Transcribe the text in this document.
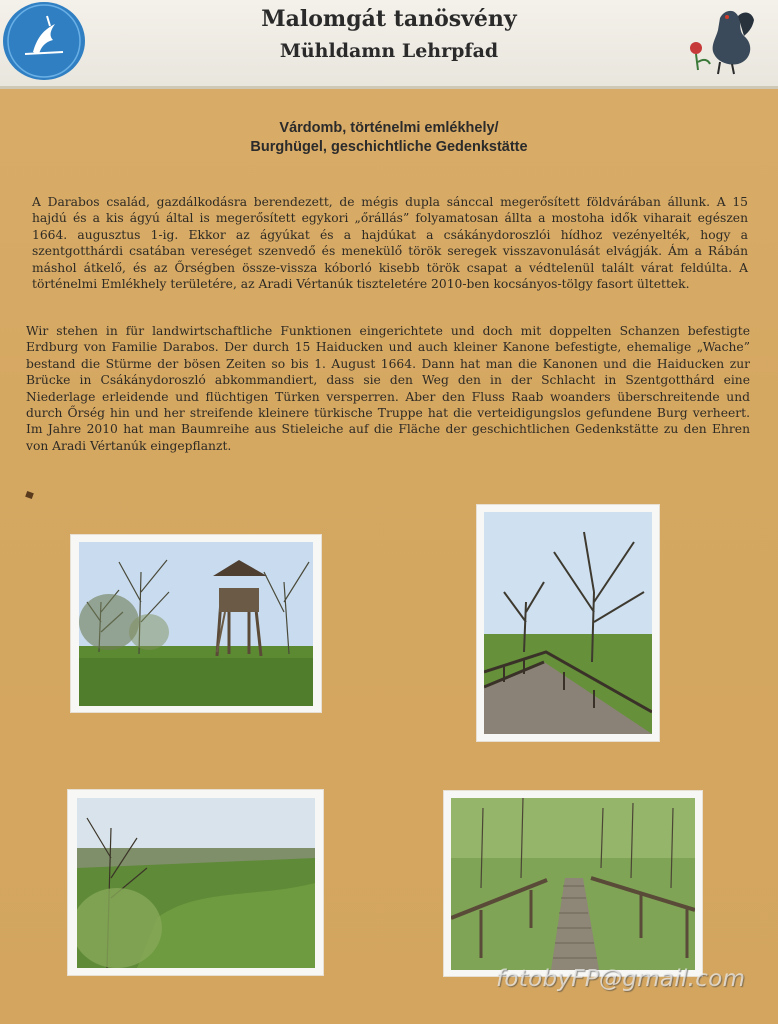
Malomgát tanösvény
Mühldamn Lehrpfad
Várdomb, történelmi emlékhely/
Burghügel, geschichtliche Gedenkstätte
A Darabos család, gazdálkodásra berendezett, de mégis dupla sánccal megerősített földvárában állunk. A 15 hajdú és a kis ágyú által is megerősített egykori „őrállás” folyamatosan állta a mostoha idők viharait egészen 1664. augusztus 1-ig. Ekkor az ágyúkat és a hajdúkat a csákánydoroszlói hídhoz vezényelték, hogy a szentgotthárdi csatában vereséget szenvedő és menekülő török seregek visszavonulását elvágják. Ám a Rábán máshol átkelő, és az Őrségben össze-vissza kóborló kisebb török csapat a védtelenül talált várat feldúlta. A történelmi Emlékhely területére, az Aradi Vértanúk tiszteletére 2010-ben kocsányos-tölgy fasort ültettek.
Wir stehen in für landwirtschaftliche Funktionen eingerichtete und doch mit doppelten Schanzen befestigte Erdburg von Familie Darabos. Der durch 15 Haiducken und auch kleiner Kanone befestigte, ehemalige „Wache” bestand die Stürme der bösen Zeiten so bis 1. August 1664. Dann hat man die Kanonen und die Haiducken zur Brücke in Csákánydoroszló abkommandiert, dass sie den Weg den in der Schlacht in Szentgotthárd eine Niederlage erleidende und flüchtigen Türken versperren. Aber den Fluss Raab woanders überschreitende und durch Őrség hin und her streifende kleinere türkische Truppe hat die verteidigungslos gefundene Burg verheert. Im Jahre 2010 hat man Baumreihe aus Stieleiche auf die Fläche der geschichtlichen Gedenkstätte zu den Ehren von Aradi Vértanúk eingepflanzt.
fotobyFP@gmail.com
